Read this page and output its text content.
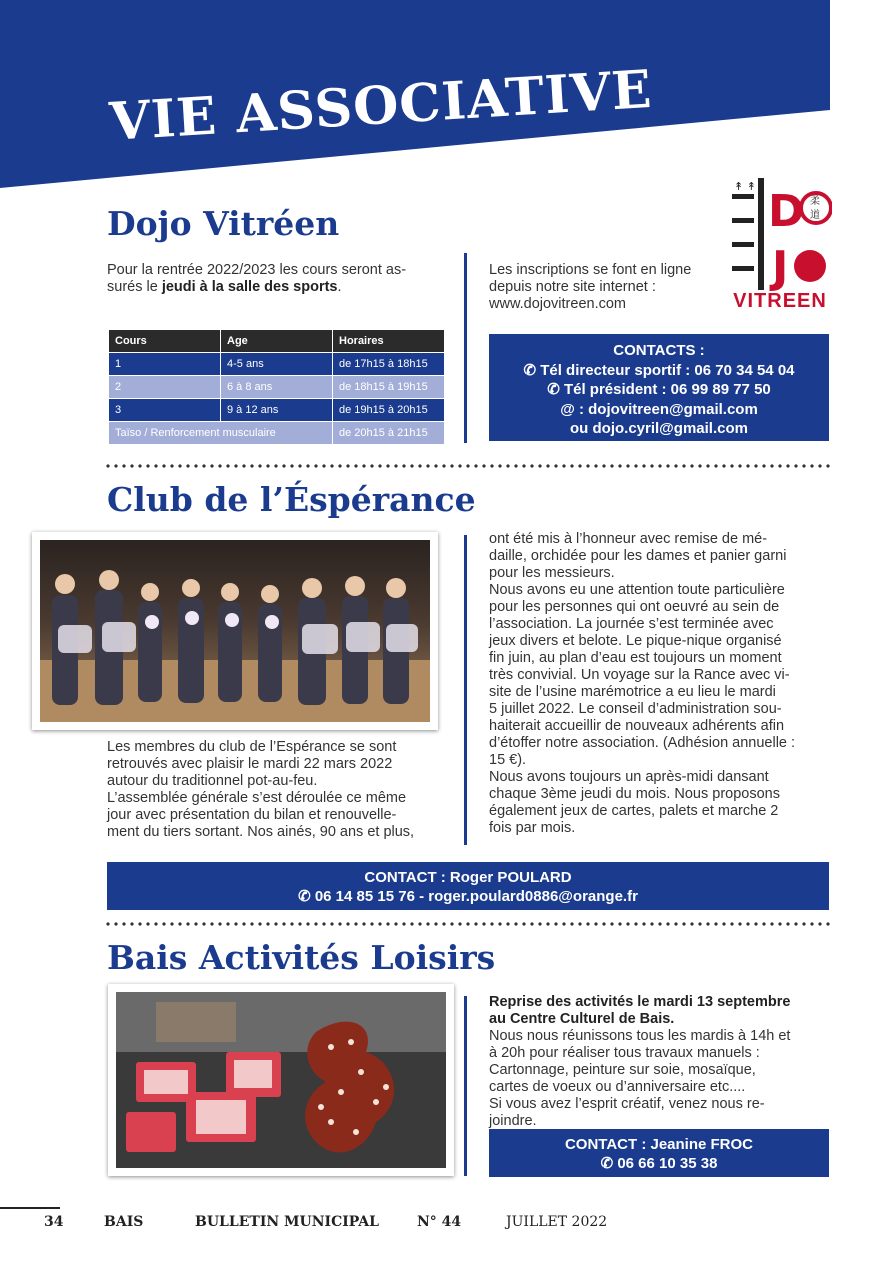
VIE ASSOCIATIVE
Dojo Vitréen
Pour la rentrée 2022/2023 les cours seront as-
surés le jeudi à la salle des sports.
Cours	Age	Horaires
1	4-5 ans	de 17h15 à 18h15
2	6 à 8 ans	de 18h15 à 19h15
3	9 à 12 ans	de 19h15 à 20h15
Taïso / Renforcement musculaire		de 20h15 à 21h15
Les inscriptions se font en ligne
depuis notre site internet :
www.dojovitreen.com
↟ ↟ D 柔
道
J
VITREEN
CONTACTS :
✆ Tél directeur sportif : 06 70 34 54 04
✆ Tél président : 06 99 89 77 50
@ : dojovitreen@gmail.com
ou dojo.cyril@gmail.com
Club de l’Éspérance
Les membres du club de l’Espérance se sont
retrouvés avec plaisir le mardi 22 mars 2022
autour du traditionnel pot-au-feu.
L’assemblée générale s’est déroulée ce même
jour avec présentation du bilan et renouvelle-
ment du tiers sortant. Nos ainés, 90 ans et plus,
ont été mis à l’honneur avec remise de mé-
daille, orchidée pour les dames et panier garni
pour les messieurs.
Nous avons eu une attention toute particulière
pour les personnes qui ont oeuvré au sein de
l’association. La journée s’est terminée avec
jeux divers et belote. Le pique-nique organisé
fin juin, au plan d’eau est toujours un moment
très convivial. Un voyage sur la Rance avec vi-
site de l’usine marémotrice a eu lieu le mardi
5 juillet 2022. Le conseil d’administration sou-
haiterait accueillir de nouveaux adhérents afin
d’étoffer notre association. (Adhésion annuelle :
15 €).
Nous avons toujours un après-midi dansant
chaque 3ème jeudi du mois. Nous proposons
également jeux de cartes, palets et marche 2
fois par mois.
CONTACT : Roger POULARD
✆ 06 14 85 15 76 - roger.poulard0886@orange.fr
Bais Activités Loisirs
Reprise des activités le mardi 13 septembre
au Centre Culturel de Bais.
Nous nous réunissons tous les mardis à 14h et
à 20h pour réaliser tous travaux manuels :
Cartonnage, peinture sur soie, mosaïque,
cartes de voeux ou d’anniversaire etc....
Si vous avez l’esprit créatif, venez nous re-
joindre.
CONTACT : Jeanine FROC
✆ 06 66 10 35 38
34	BAIS	BULLETIN MUNICIPAL	N° 44	JUILLET 2022
